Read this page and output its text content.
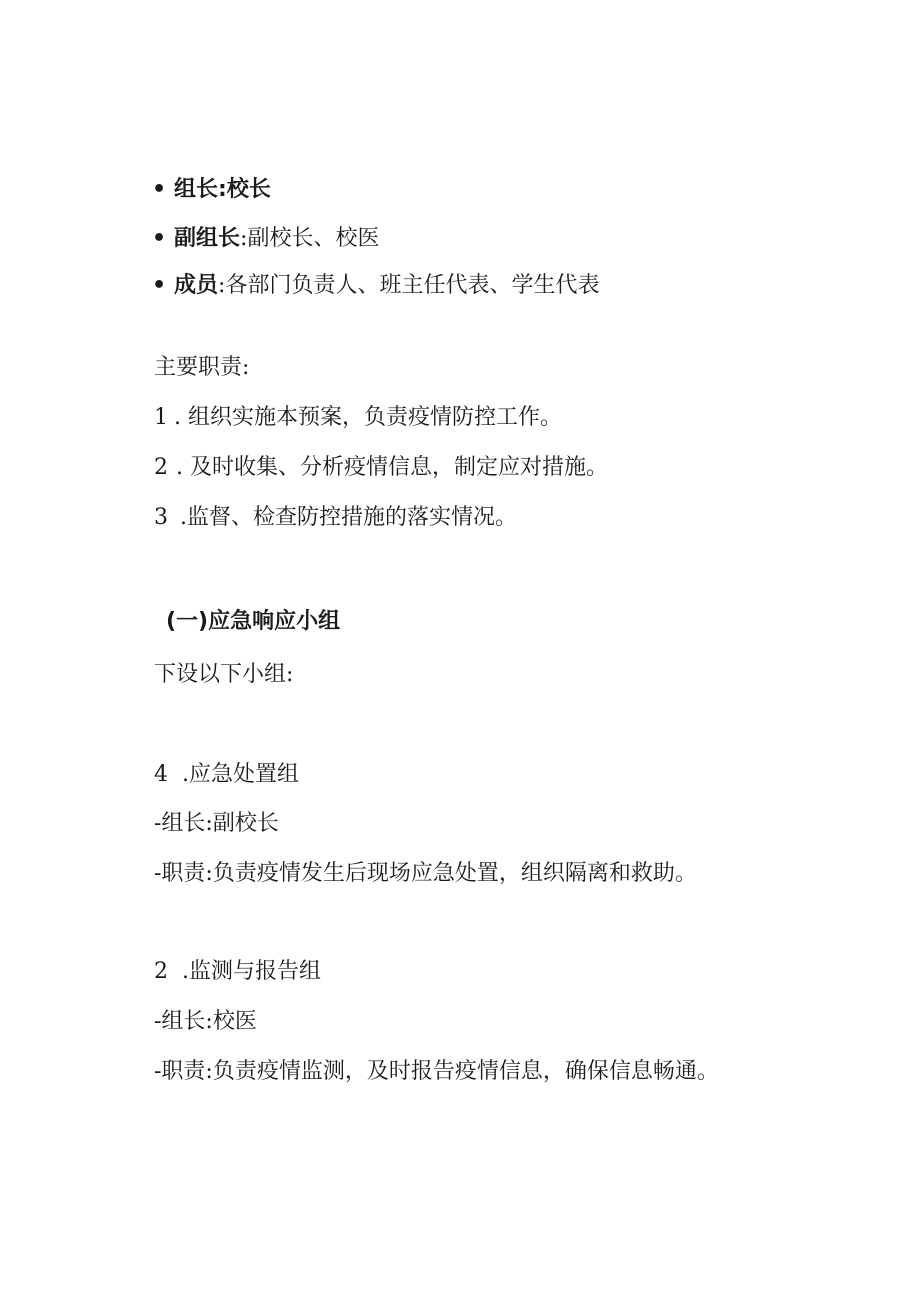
• 组长:校长
• 副组长:副校长、校医
• 成员:各部门负责人、班主任代表、学生代表
主要职责:
1 . 组织实施本预案，负责疫情防控工作。
2 . 及时收集、分析疫情信息，制定应对措施。
3 .监督、检查防控措施的落实情况。
(一)应急响应小组
下设以下小组:
4 .应急处置组
-组长:副校长
-职责:负责疫情发生后现场应急处置，组织隔离和救助。
2 .监测与报告组
-组长:校医
-职责:负责疫情监测，及时报告疫情信息，确保信息畅通。
